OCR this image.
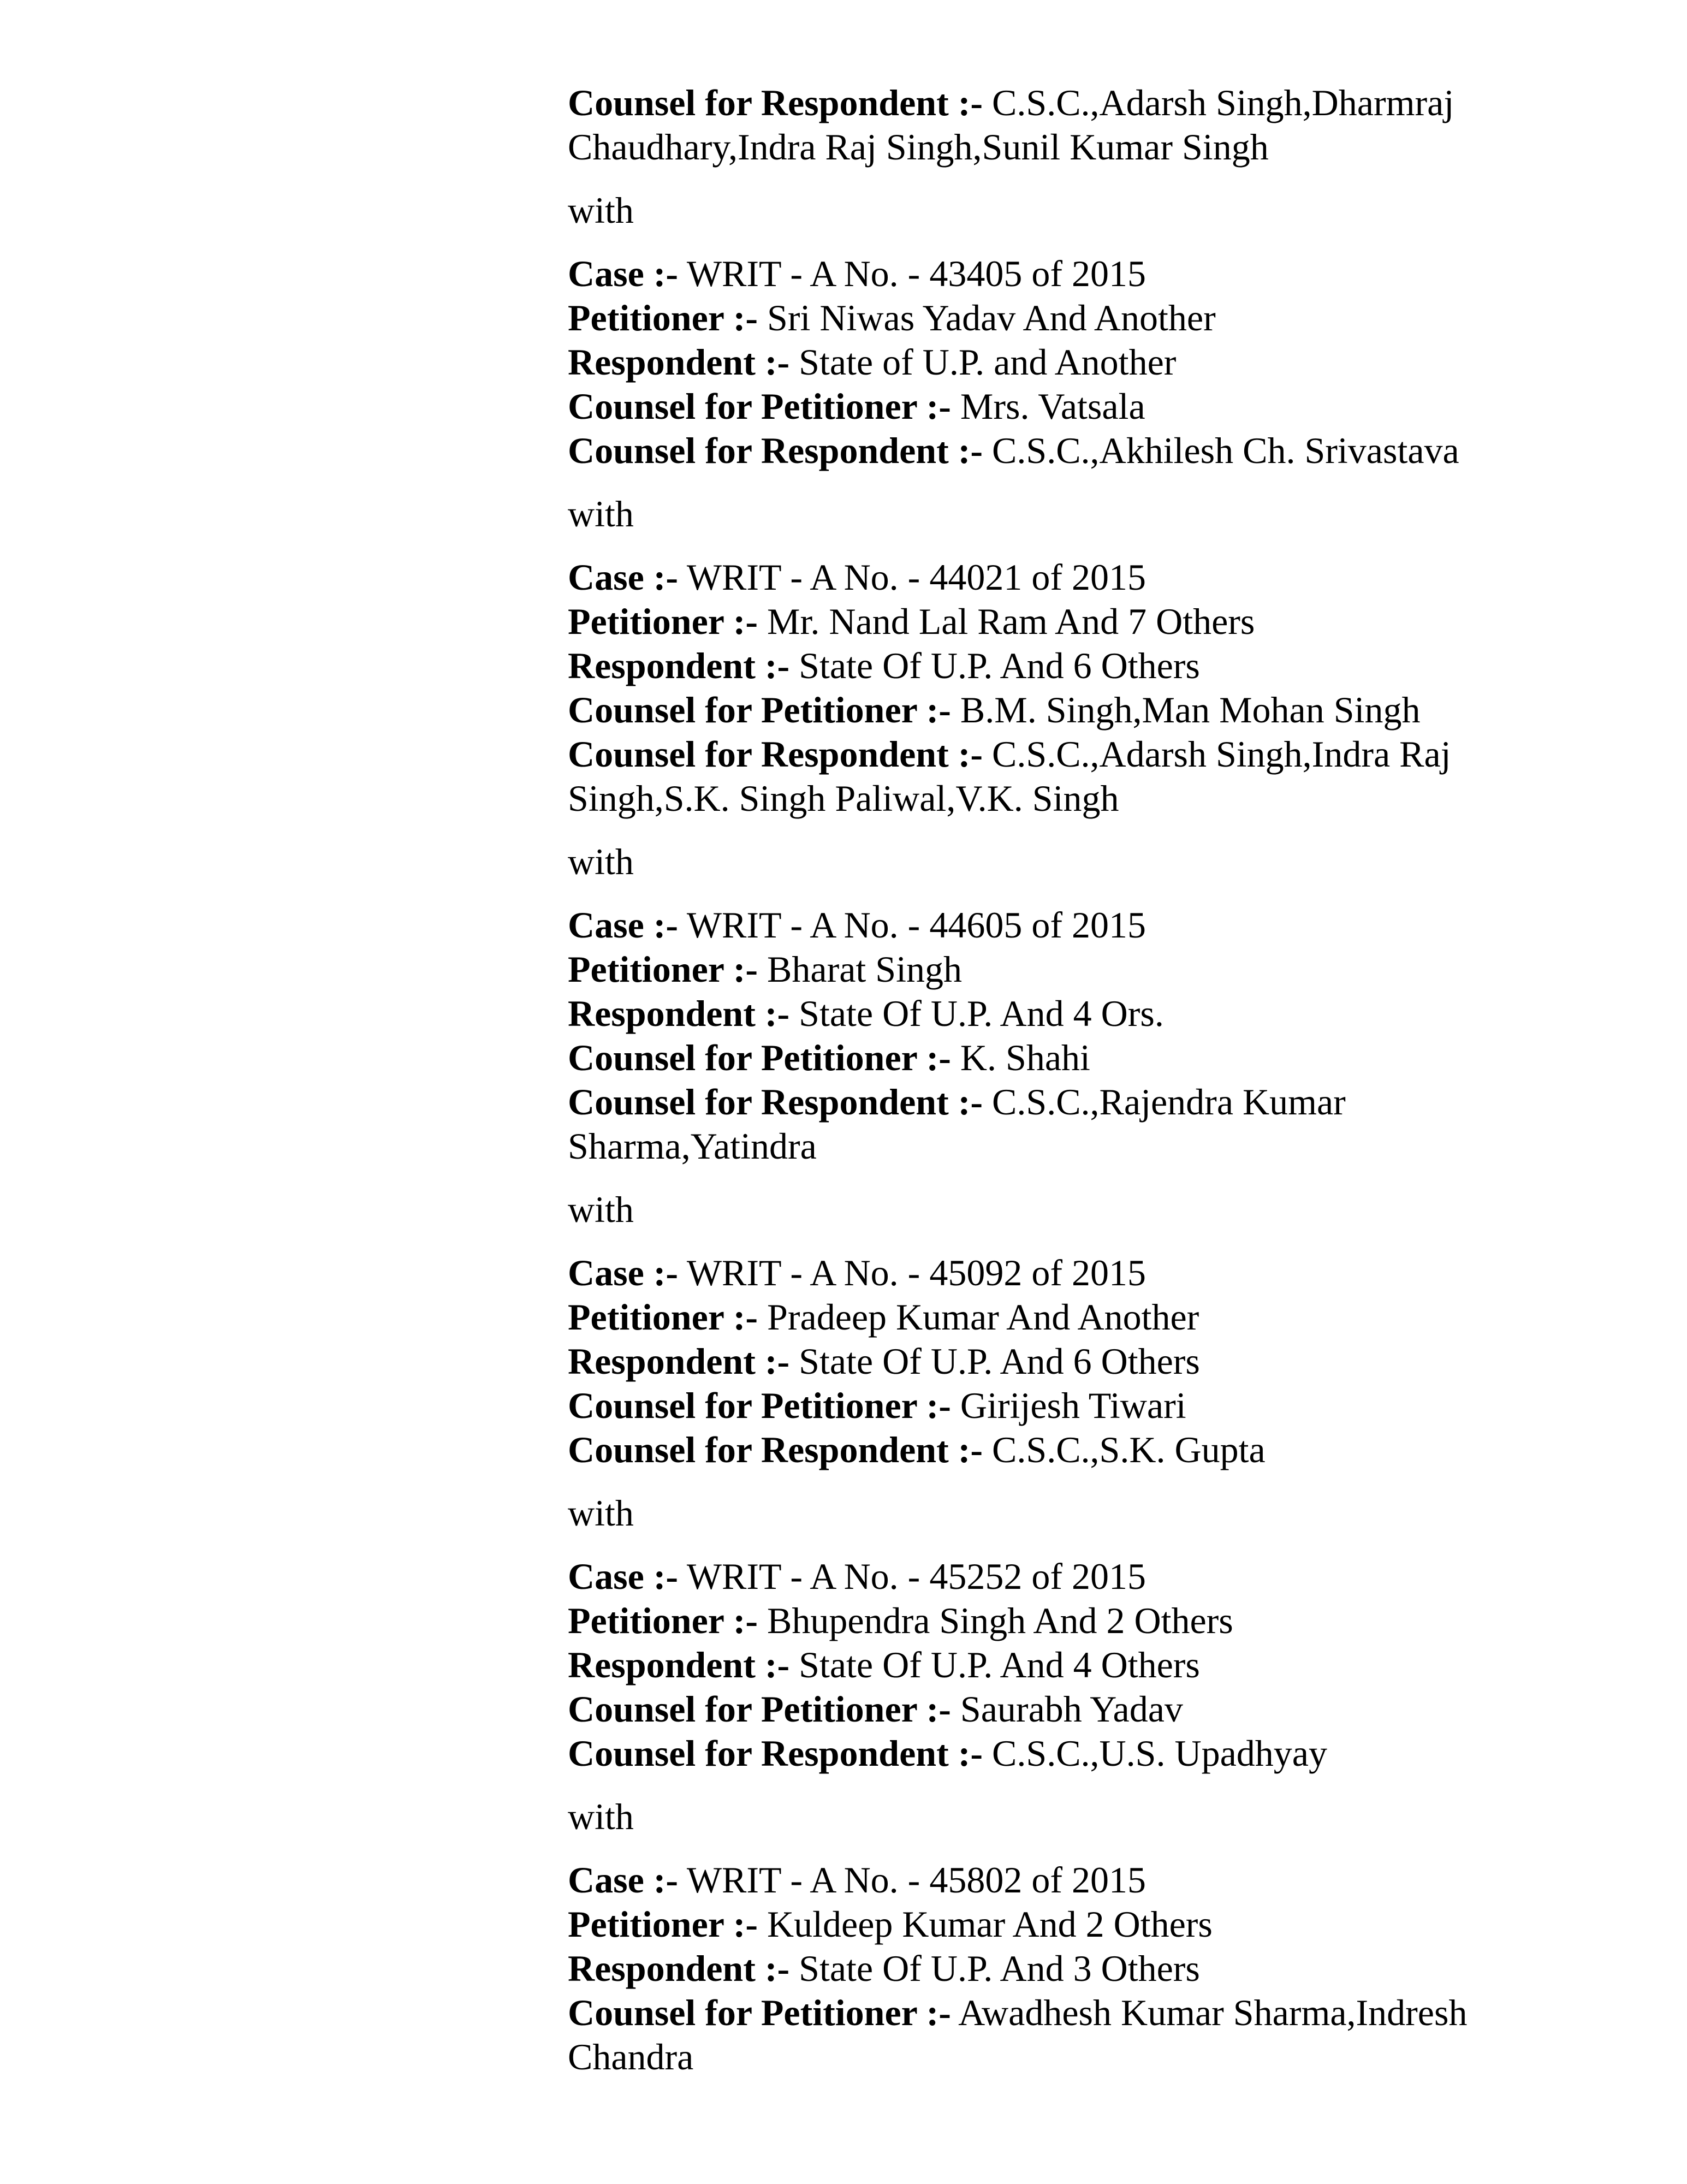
Counsel for Respondent :- C.S.C.,Adarsh Singh,Dharmraj Chaudhary,Indra Raj Singh,Sunil Kumar Singh
with
Case :- WRIT - A No. - 43405 of 2015
Petitioner :- Sri Niwas Yadav And Another
Respondent :- State of U.P. and Another
Counsel for Petitioner :- Mrs. Vatsala
Counsel for Respondent :- C.S.C.,Akhilesh Ch. Srivastava
with
Case :- WRIT - A No. - 44021 of 2015
Petitioner :- Mr. Nand Lal Ram And 7 Others
Respondent :- State Of U.P. And 6 Others
Counsel for Petitioner :- B.M. Singh,Man Mohan Singh
Counsel for Respondent :- C.S.C.,Adarsh Singh,Indra Raj Singh,S.K. Singh Paliwal,V.K. Singh
with
Case :- WRIT - A No. - 44605 of 2015
Petitioner :- Bharat Singh
Respondent :- State Of U.P. And 4 Ors.
Counsel for Petitioner :- K. Shahi
Counsel for Respondent :- C.S.C.,Rajendra Kumar Sharma,Yatindra
with
Case :- WRIT - A No. - 45092 of 2015
Petitioner :- Pradeep Kumar And Another
Respondent :- State Of U.P. And 6 Others
Counsel for Petitioner :- Girijesh Tiwari
Counsel for Respondent :- C.S.C.,S.K. Gupta
with
Case :- WRIT - A No. - 45252 of 2015
Petitioner :- Bhupendra Singh And 2 Others
Respondent :- State Of U.P. And 4 Others
Counsel for Petitioner :- Saurabh Yadav
Counsel for Respondent :- C.S.C.,U.S. Upadhyay
with
Case :- WRIT - A No. - 45802 of 2015
Petitioner :- Kuldeep Kumar And 2 Others
Respondent :- State Of U.P. And 3 Others
Counsel for Petitioner :- Awadhesh Kumar Sharma,Indresh Chandra
